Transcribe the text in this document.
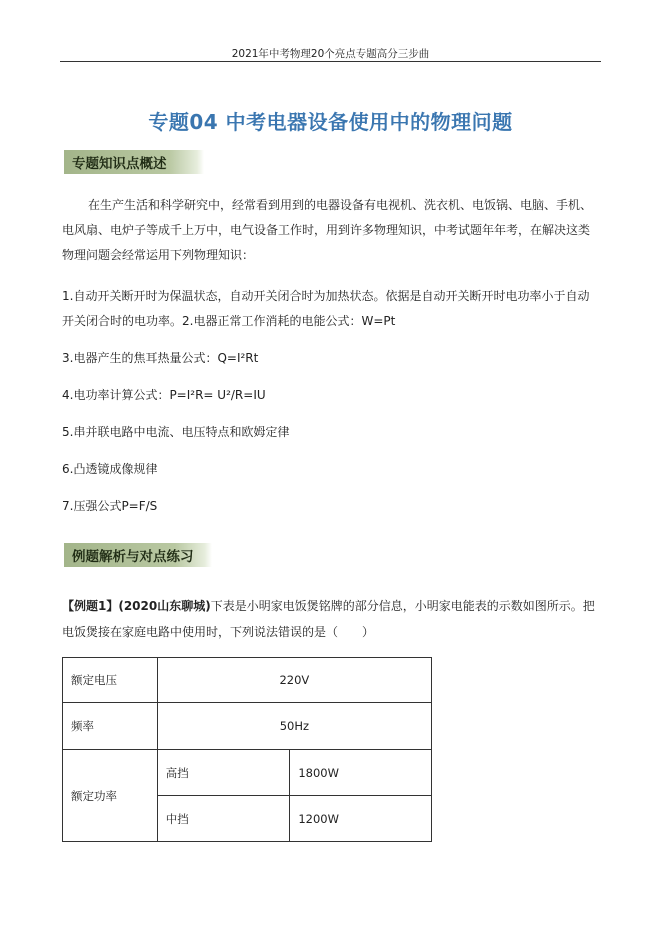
2021年中考物理20个亮点专题高分三步曲
专题04 中考电器设备使用中的物理问题
专题知识点概述

在生产生活和科学研究中，经常看到用到的电器设备有电视机、洗衣机、电饭锅、电脑、手机、电风扇、电炉子等成千上万中，电气设备工作时，用到许多物理知识，中考试题年年考，在解决这类物理问题会经常运用下列物理知识：

1.自动开关断开时为保温状态，自动开关闭合时为加热状态。依据是自动开关断开时电功率小于自动开关闭合时的电功率。2.电器正常工作消耗的电能公式：W=Pt

3.电器产生的焦耳热量公式：Q=I²Rt

4.电功率计算公式：P=I²R= U²/R=IU

5.串并联电路中电流、电压特点和欧姆定律

6.凸透镜成像规律

7.压强公式P=F/S

例题解析与对点练习

【例题1】(2020山东聊城)下表是小明家电饭煲铭牌的部分信息，小明家电能表的示数如图所示。把电饭煲接在家庭电路中使用时，下列说法错误的是（　　）

额定电压	220V	
频率	50Hz	
额定功率	高挡	1800W
	中挡	1200W
